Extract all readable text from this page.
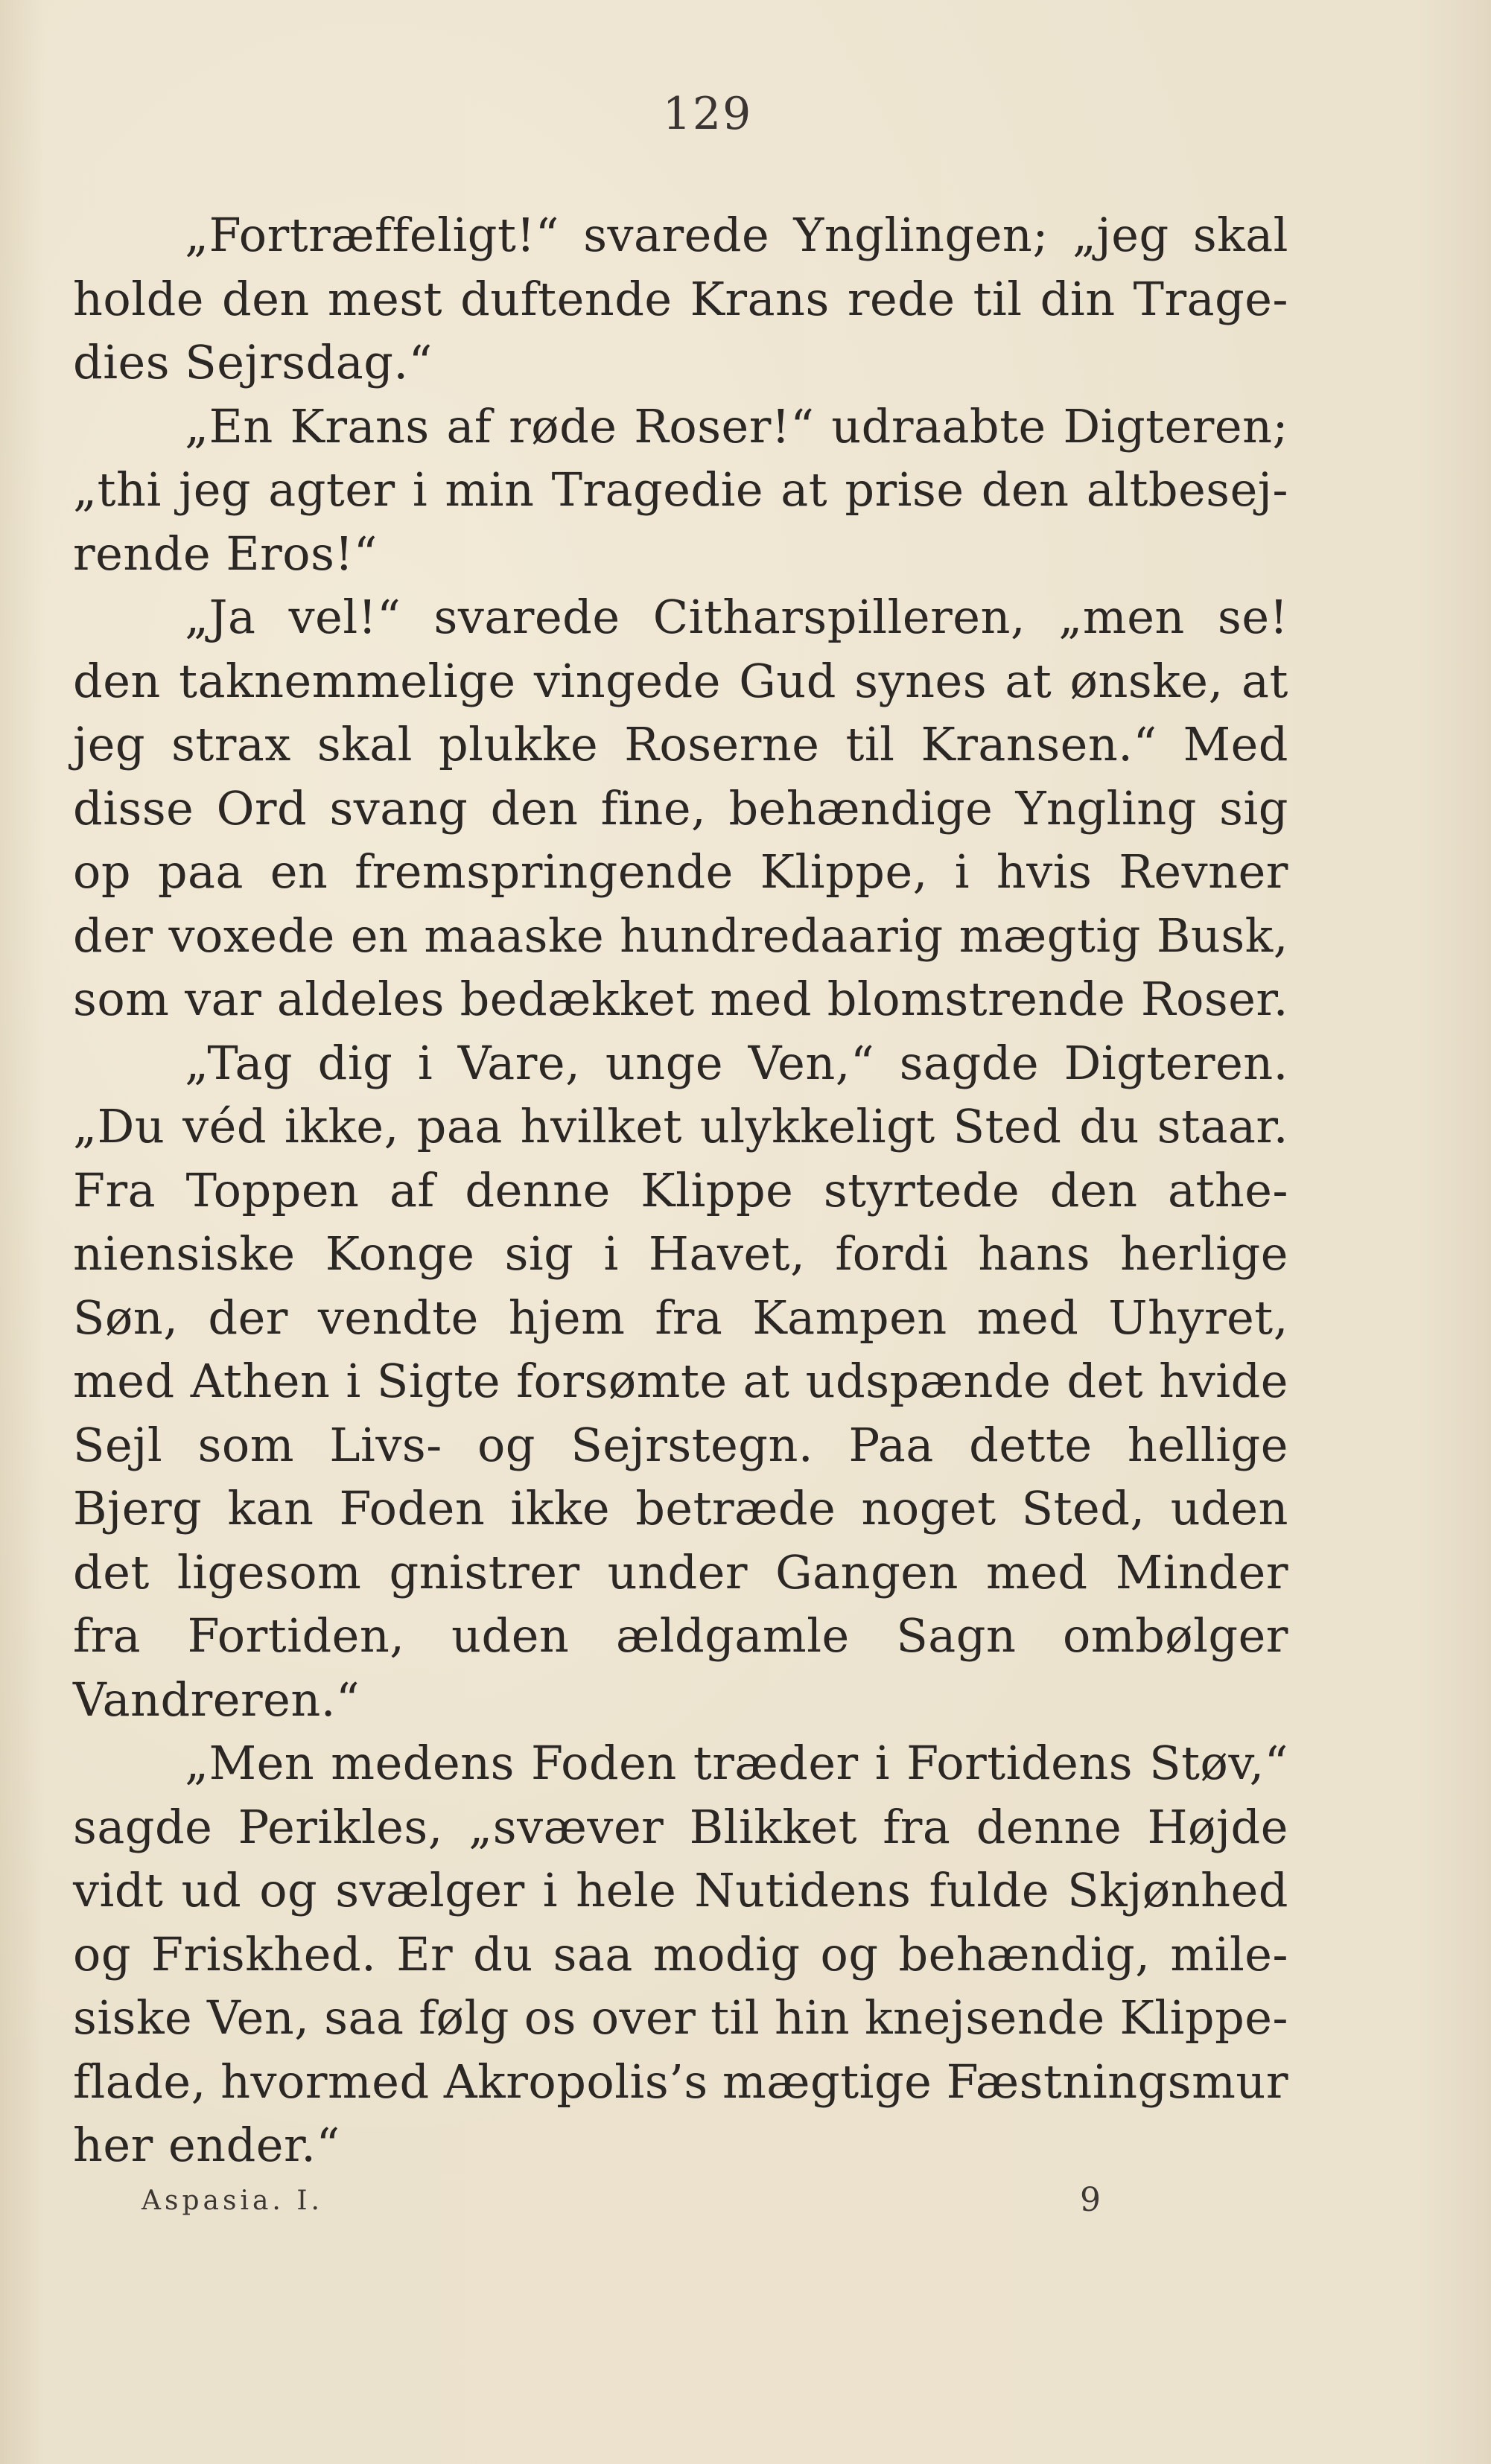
129
„Fortræffeligt!“ svarede Ynglingen; „jeg skal
holde den mest duftende Krans rede til din Trage-
dies Sejrsdag.“
„En Krans af røde Roser!“ udraabte Digteren;
„thi jeg agter i min Tragedie at prise den altbesej-
rende Eros!“
„Ja vel!“ svarede Citharspilleren, „men se!
den taknemmelige vingede Gud synes at ønske, at
jeg strax skal plukke Roserne til Kransen.“ Med
disse Ord svang den fine, behændige Yngling sig
op paa en fremspringende Klippe, i hvis Revner
der voxede en maaske hundredaarig mægtig Busk,
som var aldeles bedækket med blomstrende Roser.
„Tag dig i Vare, unge Ven,“ sagde Digteren.
„Du véd ikke, paa hvilket ulykkeligt Sted du staar.
Fra Toppen af denne Klippe styrtede den athe-
niensiske Konge sig i Havet, fordi hans herlige
Søn, der vendte hjem fra Kampen med Uhyret,
med Athen i Sigte forsømte at udspænde det hvide
Sejl som Livs- og Sejrstegn. Paa dette hellige
Bjerg kan Foden ikke betræde noget Sted, uden
det ligesom gnistrer under Gangen med Minder
fra Fortiden, uden ældgamle Sagn ombølger
Vandreren.“
„Men medens Foden træder i Fortidens Støv,“
sagde Perikles, „svæver Blikket fra denne Højde
vidt ud og svælger i hele Nutidens fulde Skjønhed
og Friskhed. Er du saa modig og behændig, mile-
siske Ven, saa følg os over til hin knejsende Klippe-
flade, hvormed Akropolis’s mægtige Fæstningsmur
her ender.“
Aspasia. I.	9
